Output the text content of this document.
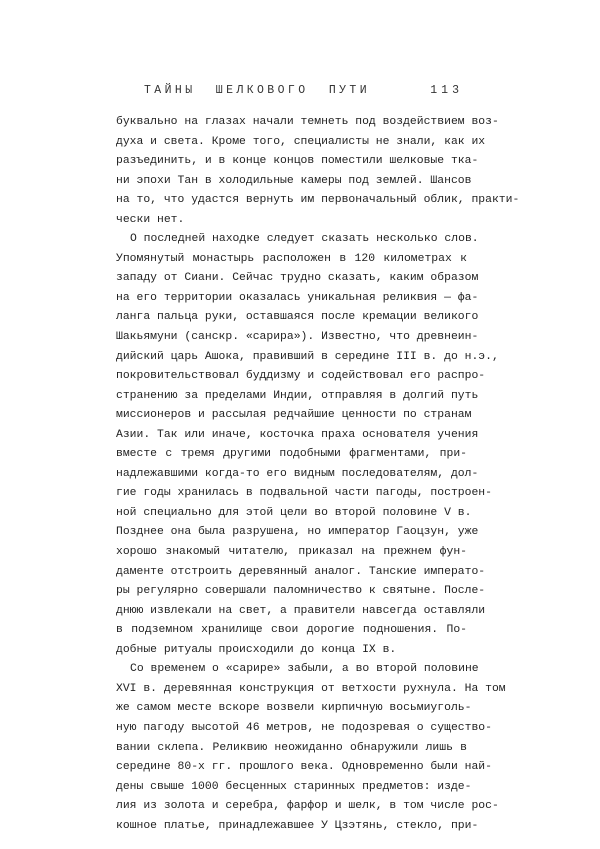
ТАЙНЫ ШЕЛКОВОГО ПУТИ	113
буквально на глазах начали темнеть под воздействием воз-
духа и света. Кроме того, специалисты не знали, как их
разъединить, и в конце концов поместили шелковые тка-
ни эпохи Тан в холодильные камеры под землей. Шансов
на то, что удастся вернуть им первоначальный облик, практи-
чески нет.
О последней находке следует сказать несколько слов.
Упомянутый монастырь расположен в 120 километрах к
западу от Сиани. Сейчас трудно сказать, каким образом
на его территории оказалась уникальная реликвия — фа-
ланга пальца руки, оставшаяся после кремации великого
Шакьямуни (санскр. «сарира»). Известно, что древнеин-
дийский царь Ашока, правивший в середине III в. до н.э.,
покровительствовал буддизму и содействовал его распро-
странению за пределами Индии, отправляя в долгий путь
миссионеров и рассылая редчайшие ценности по странам
Азии. Так или иначе, косточка праха основателя учения
вместе с тремя другими подобными фрагментами, при-
надлежавшими когда-то его видным последователям, дол-
гие годы хранилась в подвальной части пагоды, построен-
ной специально для этой цели во второй половине V в.
Позднее она была разрушена, но император Гаоцзун, уже
хорошо знакомый читателю, приказал на прежнем фун-
даменте отстроить деревянный аналог. Танские императо-
ры регулярно совершали паломничество к святыне. После-
днюю извлекали на свет, а правители навсегда оставляли
в подземном хранилище свои дорогие подношения. По-
добные ритуалы происходили до конца IX в.
Со временем о «сарире» забыли, а во второй половине
XVI в. деревянная конструкция от ветхости рухнула. На том
же самом месте вскоре возвели кирпичную восьмиуголь-
ную пагоду высотой 46 метров, не подозревая о существо-
вании склепа. Реликвию неожиданно обнаружили лишь в
середине 80-х гг. прошлого века. Одновременно были най-
дены свыше 1000 бесценных старинных предметов: изде-
лия из золота и серебра, фарфор и шелк, в том числе рос-
кошное платье, принадлежавшее У Цзэтянь, стекло, при-
